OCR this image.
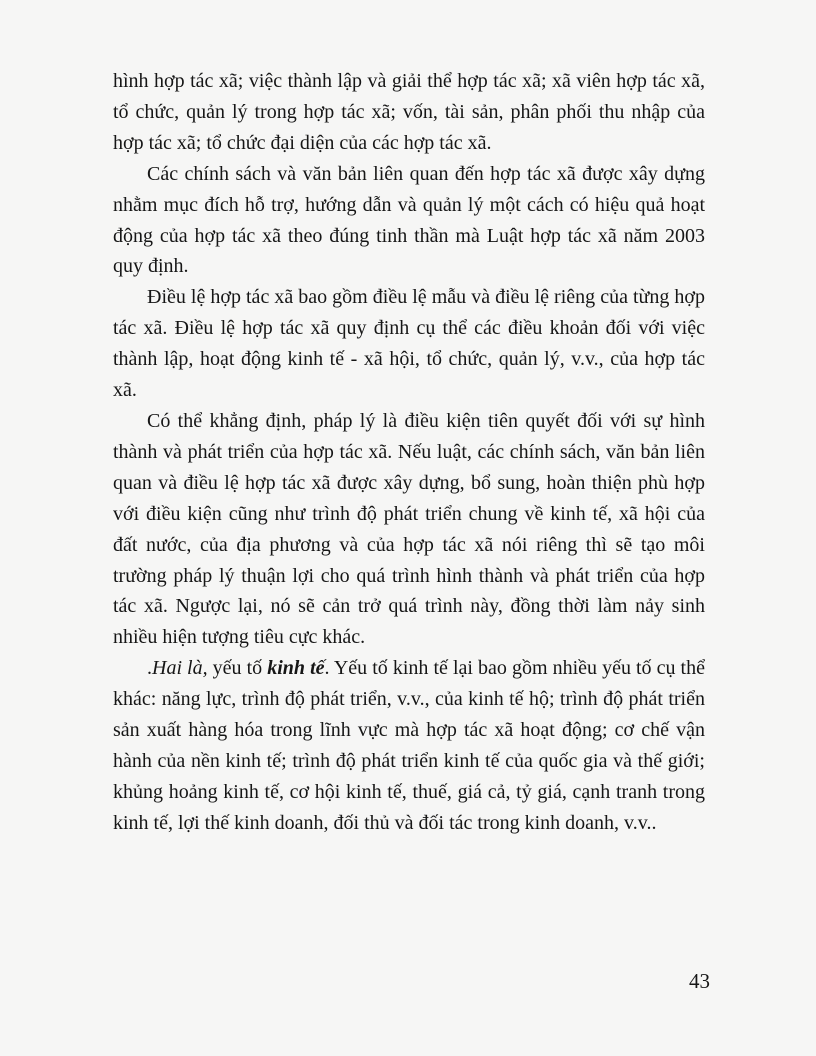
hình hợp tác xã; việc thành lập và giải thể hợp tác xã; xã viên hợp tác xã, tổ chức, quản lý trong hợp tác xã; vốn, tài sản, phân phối thu nhập của hợp tác xã; tổ chức đại diện của các hợp tác xã.

Các chính sách và văn bản liên quan đến hợp tác xã được xây dựng nhằm mục đích hỗ trợ, hướng dẫn và quản lý một cách có hiệu quả hoạt động của hợp tác xã theo đúng tinh thần mà Luật hợp tác xã năm 2003 quy định.

Điều lệ hợp tác xã bao gồm điều lệ mẫu và điều lệ riêng của từng hợp tác xã. Điều lệ hợp tác xã quy định cụ thể các điều khoản đối với việc thành lập, hoạt động kinh tế - xã hội, tổ chức, quản lý, v.v., của hợp tác xã.

Có thể khẳng định, pháp lý là điều kiện tiên quyết đối với sự hình thành và phát triển của hợp tác xã. Nếu luật, các chính sách, văn bản liên quan và điều lệ hợp tác xã được xây dựng, bổ sung, hoàn thiện phù hợp với điều kiện cũng như trình độ phát triển chung về kinh tế, xã hội của đất nước, của địa phương và của hợp tác xã nói riêng thì sẽ tạo môi trường pháp lý thuận lợi cho quá trình hình thành và phát triển của hợp tác xã. Ngược lại, nó sẽ cản trở quá trình này, đồng thời làm nảy sinh nhiều hiện tượng tiêu cực khác.

.Hai là, yếu tố kinh tế. Yếu tố kinh tế lại bao gồm nhiều yếu tố cụ thể khác: năng lực, trình độ phát triển, v.v., của kinh tế hộ; trình độ phát triển sản xuất hàng hóa trong lĩnh vực mà hợp tác xã hoạt động; cơ chế vận hành của nền kinh tế; trình độ phát triển kinh tế của quốc gia và thế giới; khủng hoảng kinh tế, cơ hội kinh tế, thuế, giá cả, tỷ giá, cạnh tranh trong kinh tế, lợi thế kinh doanh, đối thủ và đối tác trong kinh doanh, v.v..

43
